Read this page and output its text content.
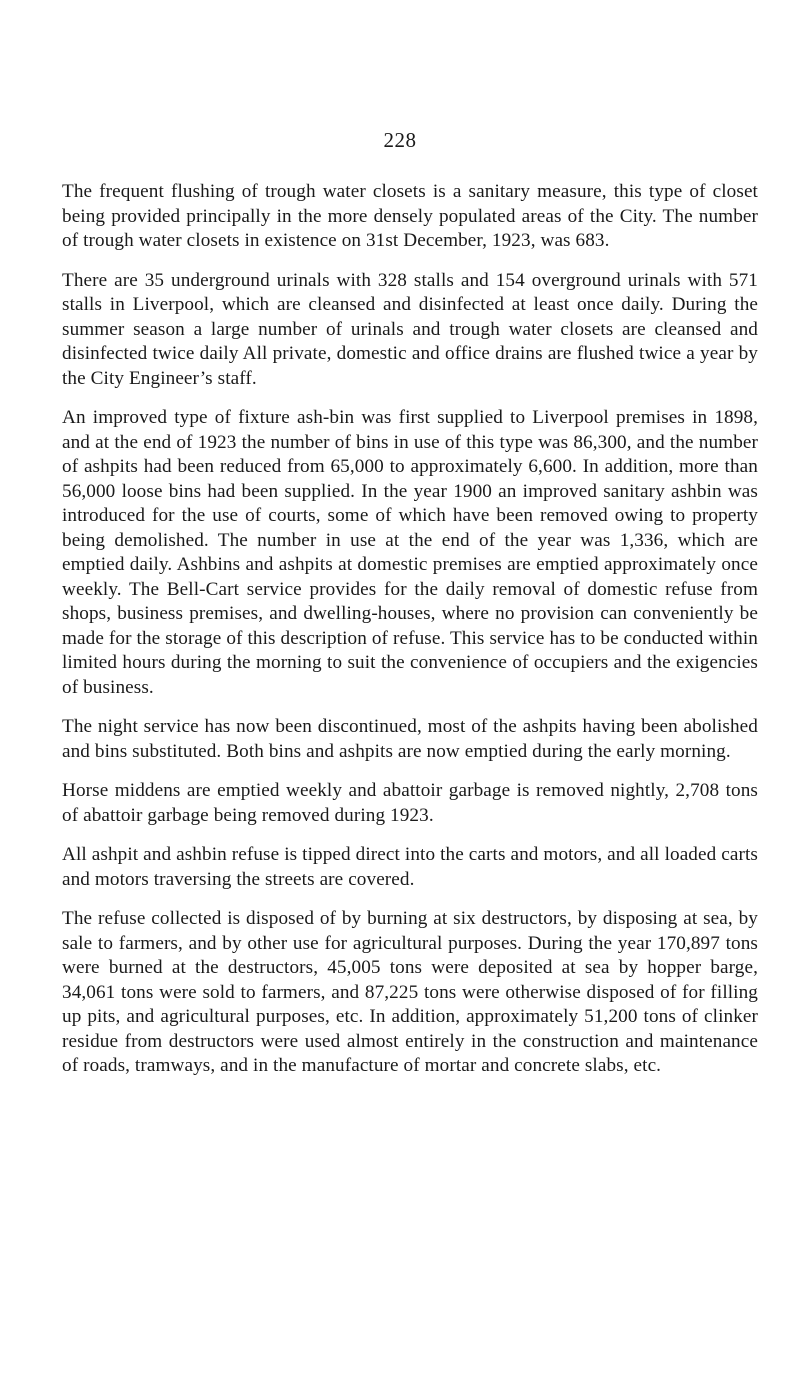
228

The frequent flushing of trough water closets is a sanitary measure, this type of closet being provided principally in the more densely populated areas of the City. The number of trough water closets in existence on 31st December, 1923, was 683.

There are 35 underground urinals with 328 stalls and 154 overground urinals with 571 stalls in Liverpool, which are cleansed and disinfected at least once daily. During the summer season a large number of urinals and trough water closets are cleansed and disinfected twice daily All private, domestic and office drains are flushed twice a year by the City Engineer’s staff.

An improved type of fixture ash-bin was first supplied to Liverpool premises in 1898, and at the end of 1923 the number of bins in use of this type was 86,300, and the number of ashpits had been reduced from 65,000 to approximately 6,600. In addition, more than 56,000 loose bins had been supplied. In the year 1900 an improved sanitary ashbin was introduced for the use of courts, some of which have been removed owing to property being demolished. The number in use at the end of the year was 1,336, which are emptied daily. Ashbins and ashpits at domestic premises are emptied approximately once weekly. The Bell-Cart service provides for the daily removal of domestic refuse from shops, business premises, and dwelling-houses, where no provision can conveniently be made for the storage of this description of refuse. This service has to be conducted within limited hours during the morning to suit the convenience of occupiers and the exigencies of business.

The night service has now been discontinued, most of the ashpits having been abolished and bins substituted. Both bins and ashpits are now emptied during the early morning.

Horse middens are emptied weekly and abattoir garbage is removed nightly, 2,708 tons of abattoir garbage being removed during 1923.

All ashpit and ashbin refuse is tipped direct into the carts and motors, and all loaded carts and motors traversing the streets are covered.

The refuse collected is disposed of by burning at six destructors, by disposing at sea, by sale to farmers, and by other use for agricultural purposes. During the year 170,897 tons were burned at the destructors, 45,005 tons were deposited at sea by hopper barge, 34,061 tons were sold to farmers, and 87,225 tons were otherwise disposed of for filling up pits, and agricultural purposes, etc. In addition, approximately 51,200 tons of clinker residue from destructors were used almost entirely in the construction and maintenance of roads, tramways, and in the manufacture of mortar and concrete slabs, etc.
